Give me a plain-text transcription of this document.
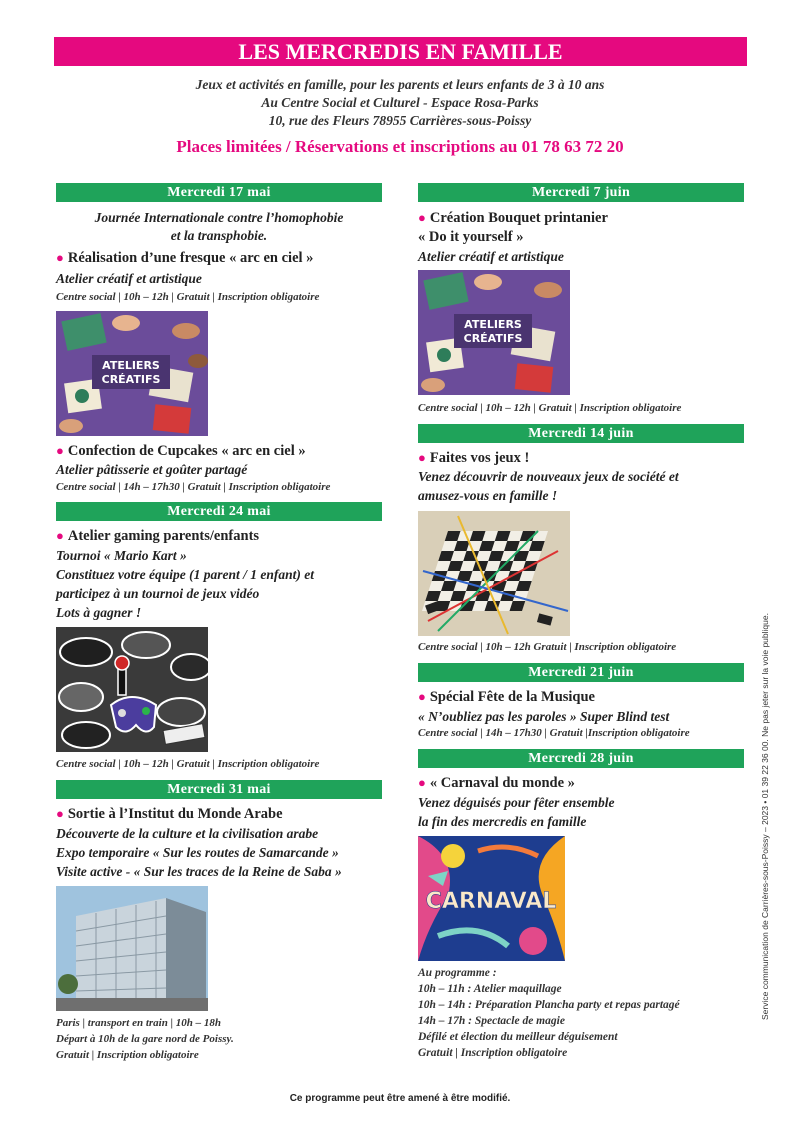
LES MERCREDIS EN FAMILLE
Jeux et activités en famille, pour les parents et leurs enfants de 3 à 10 ans
Au Centre Social et Culturel - Espace Rosa-Parks
10, rue des Fleurs 78955 Carrières-sous-Poissy
Places limitées / Réservations et inscriptions au 01 78 63 72 20
Mercredi 17 mai
Journée Internationale contre l’homophobie
et la transphobie.
● Réalisation d’une fresque « arc en ciel »
Atelier créatif et artistique
Centre social | 10h – 12h | Gratuit | Inscription obligatoire
ATELIERS
CRÉATIFS
● Confection de Cupcakes « arc en ciel »
Atelier pâtisserie et goûter partagé
Centre social | 14h – 17h30 | Gratuit | Inscription obligatoire
Mercredi 24 mai
● Atelier gaming parents/enfants
Tournoi « Mario Kart »
Constituez votre équipe (1 parent / 1 enfant) et
participez à un tournoi de jeux vidéo
Lots à gagner !
Centre social | 10h – 12h | Gratuit | Inscription obligatoire
Mercredi 31 mai
● Sortie à l’Institut du Monde Arabe
Découverte de la culture et la civilisation arabe
Expo temporaire « Sur les routes de Samarcande »
Visite active - « Sur les traces de la Reine de Saba »
Paris | transport en train | 10h – 18h
Départ à 10h de la gare nord de Poissy.
Gratuit | Inscription obligatoire
Mercredi 7 juin
● Création Bouquet printanier
« Do it yourself »
Atelier créatif et artistique
ATELIERS
CRÉATIFS
Centre social | 10h – 12h | Gratuit | Inscription obligatoire
Mercredi 14 juin
● Faites vos jeux !
Venez découvrir de nouveaux jeux de société et
amusez-vous en famille !
Centre social | 10h – 12h Gratuit | Inscription obligatoire
Mercredi 21 juin
● Spécial Fête de la Musique
« N’oubliez pas les paroles » Super Blind test
Centre social | 14h – 17h30 | Gratuit |Inscription obligatoire
Mercredi 28 juin
● « Carnaval du monde »
Venez déguisés pour fêter ensemble
la fin des mercredis en famille
CARNAVAL
Au programme :
10h – 11h : Atelier maquillage
10h – 14h : Préparation Plancha party et repas partagé
14h – 17h : Spectacle de magie
Défilé et élection du meilleur déguisement
Gratuit | Inscription obligatoire
Ce programme peut être amené à être modifié.
Service communication de Carrières-sous-Poissy – 2023 • 01 39 22 36 00. Ne pas jeter sur la voie publique.
